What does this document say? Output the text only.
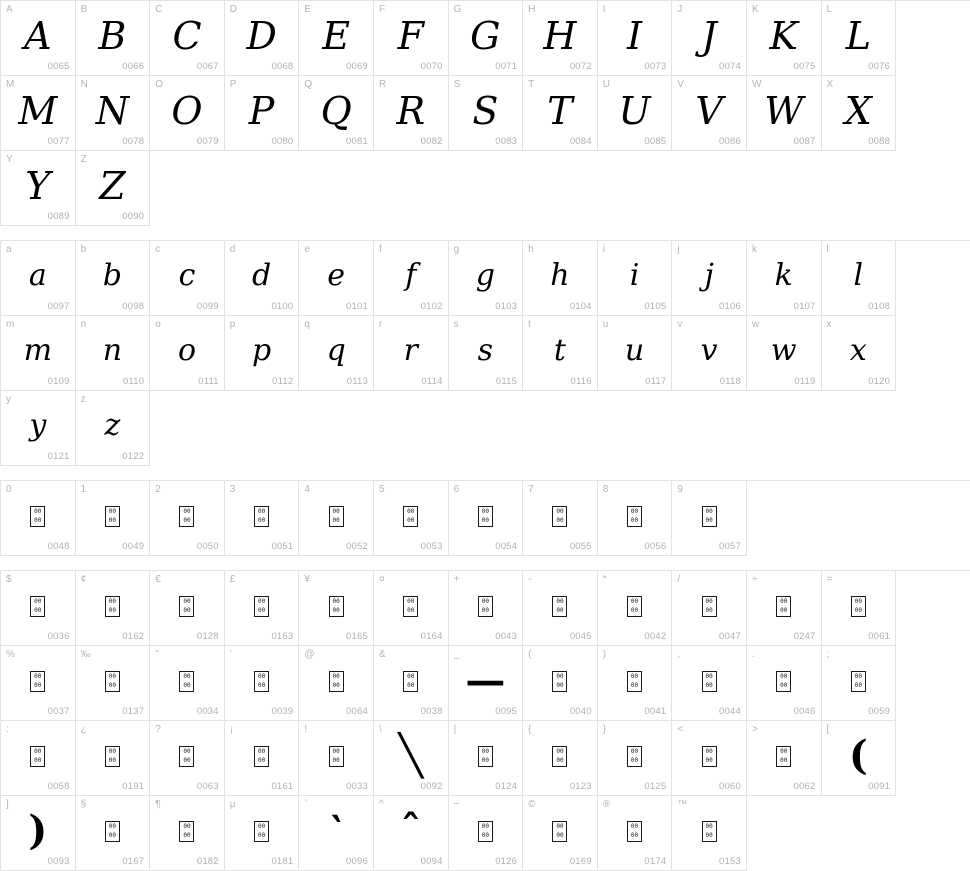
A
A
0065
B
B
0066
C
C
0067
D
D
0068
E
E
0069
F
F
0070
G
G
0071
H
H
0072
I
I
0073
J
J
0074
K
K
0075
L
L
0076
M
M
0077
N
N
0078
O
O
0079
P
P
0080
Q
Q
0081
R
R
0082
S
S
0083
T
T
0084
U
U
0085
V
V
0086
W
W
0087
X
X
0088
Y
Y
0089
Z
Z
0090
a
a
0097
b
b
0098
c
c
0099
d
d
0100
e
e
0101
f
f
0102
g
g
0103
h
h
0104
i
i
0105
j
j
0106
k
k
0107
l
l
0108
m
m
0109
n
n
0110
o
o
0111
p
p
0112
q
q
0113
r
r
0114
s
s
0115
t
t
0116
u
u
0117
v
v
0118
w
w
0119
x
x
0120
y
y
0121
z
z
0122
0
00
00
0048
1
00
00
0049
2
00
00
0050
3
00
00
0051
4
00
00
0052
5
00
00
0053
6
00
00
0054
7
00
00
0055
8
00
00
0056
9
00
00
0057
$
00
00
0036
¢
00
00
0162
€
00
00
0128
£
00
00
0163
¥
00
00
0165
¤
00
00
0164
+
00
00
0043
-
00
00
0045
*
00
00
0042
/
00
00
0047
÷
00
00
0247
=
00
00
0061
%
00
00
0037
‰
00
00
0137
"
00
00
0034
'
00
00
0039
@
00
00
0064
&
00
00
0038
_
—
0095
(
00
00
0040
)
00
00
0041
,
00
00
0044
.
00
00
0046
;
00
00
0059
:
00
00
0058
¿
00
00
0191
?
00
00
0063
¡
00
00
0161
!
00
00
0033
\
╲
0092
|
00
00
0124
{
00
00
0123
}
00
00
0125
<
00
00
0060
>
00
00
0062
[
(
0091
]
)
0093
§
00
00
0167
¶
00
00
0182
µ
00
00
0181
`
‵
0096
^
ˆ
0094
~
00
00
0126
©
00
00
0169
®
00
00
0174
™
00
00
0153
